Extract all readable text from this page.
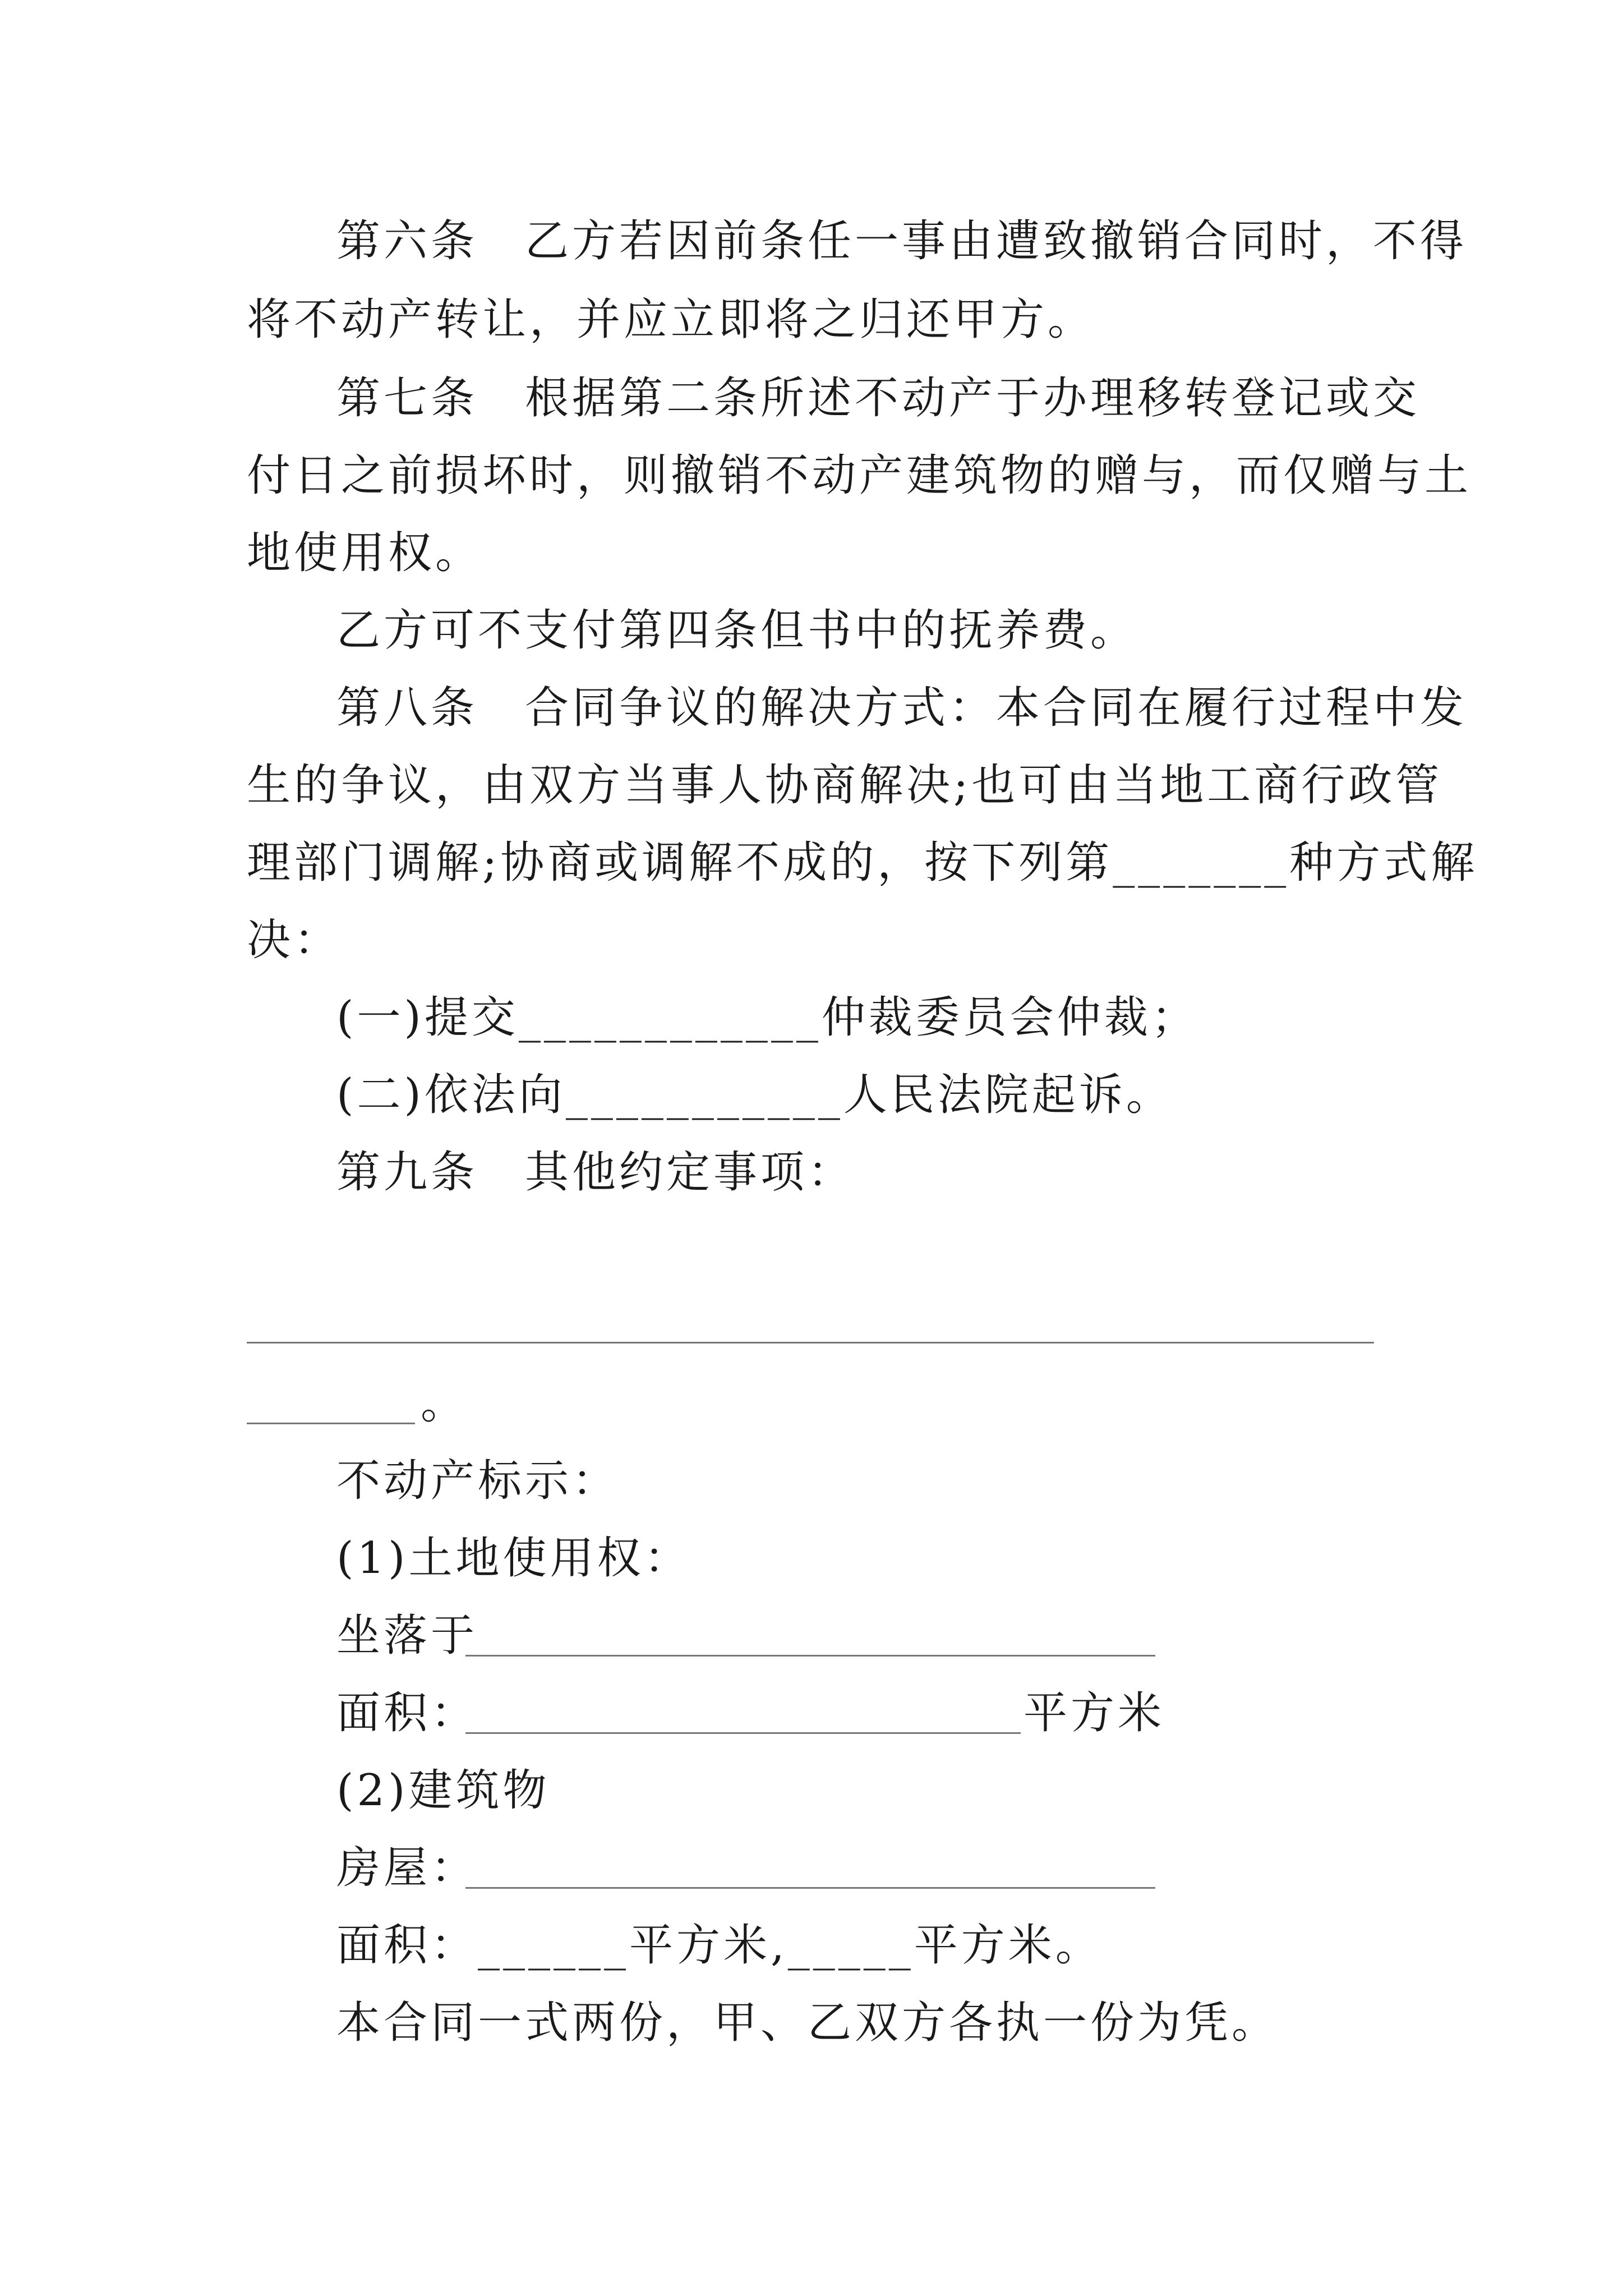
第六条　乙方若因前条任一事由遭致撤销合同时，不得
将不动产转让，并应立即将之归还甲方。
第七条　根据第二条所述不动产于办理移转登记或交
付日之前损坏时，则撤销不动产建筑物的赠与，而仅赠与土
地使用权。
乙方可不支付第四条但书中的抚养费。
第八条　合同争议的解决方式：本合同在履行过程中发
生的争议，由双方当事人协商解决;也可由当地工商行政管
理部门调解;协商或调解不成的，按下列第_______种方式解
决：
(一)提交____________仲裁委员会仲裁；
(二)依法向___________人民法院起诉。
第九条　其他约定事项：
。
不动产标示：
(1)土地使用权：
坐落于
面积：	平方米
(2)建筑物
房屋：
面积：______平方米,_____平方米。
本合同一式两份，甲、乙双方各执一份为凭。
